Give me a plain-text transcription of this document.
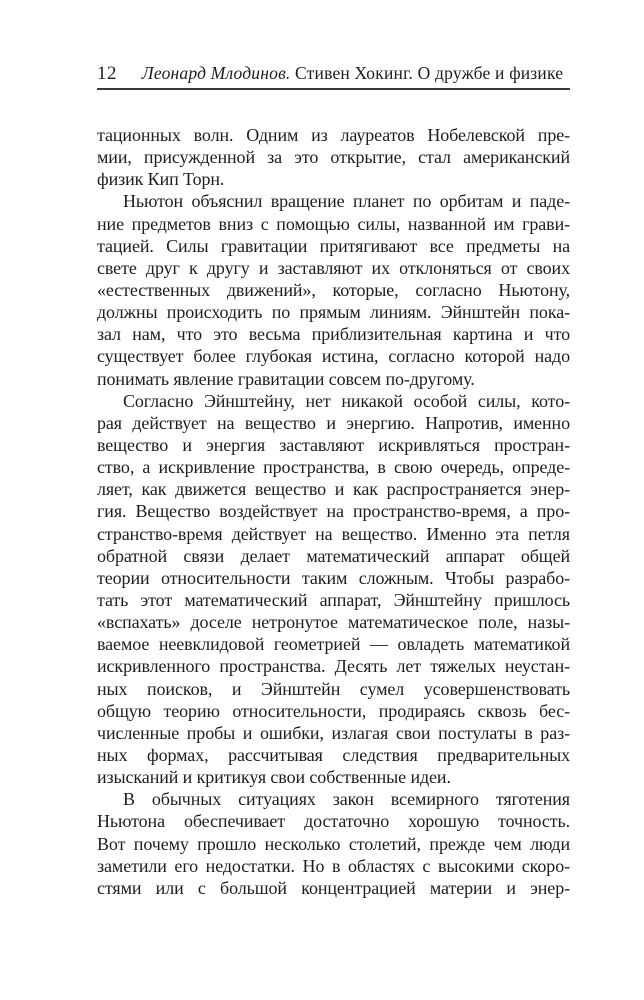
12	Леонард Млодинов. Стивен Хокинг. О дружбе и физике
тационных волн. Одним из лауреатов Нобелевской пре-
мии, присужденной за это открытие, стал американский
физик Кип Торн.
Ньютон объяснил вращение планет по орбитам и паде-
ние предметов вниз с помощью силы, названной им грави-
тацией. Силы гравитации притягивают все предметы на
свете друг к другу и заставляют их отклоняться от своих
«естественных движений», которые, согласно Ньютону,
должны происходить по прямым линиям. Эйнштейн пока-
зал нам, что это весьма приблизительная картина и что
существует более глубокая истина, согласно которой надо
понимать явление гравитации совсем по-другому.
Согласно Эйнштейну, нет никакой особой силы, кото-
рая действует на вещество и энергию. Напротив, именно
вещество и энергия заставляют искривляться простран-
ство, а искривление пространства, в свою очередь, опреде-
ляет, как движется вещество и как распространяется энер-
гия. Вещество воздействует на пространство-время, а про-
странство-время действует на вещество. Именно эта петля
обратной связи делает математический аппарат общей
теории относительности таким сложным. Чтобы разрабо-
тать этот математический аппарат, Эйнштейну пришлось
«вспахать» доселе нетронутое математическое поле, назы-
ваемое неевклидовой геометрией — овладеть математикой
искривленного пространства. Десять лет тяжелых неустан-
ных поисков, и Эйнштейн сумел усовершенствовать
общую теорию относительности, продираясь сквозь бес-
численные пробы и ошибки, излагая свои постулаты в раз-
ных формах, рассчитывая следствия предварительных
изысканий и критикуя свои собственные идеи.
В обычных ситуациях закон всемирного тяготения
Ньютона обеспечивает достаточно хорошую точность.
Вот почему прошло несколько столетий, прежде чем люди
заметили его недостатки. Но в областях с высокими скоро-
стями или с большой концентрацией материи и энер-
